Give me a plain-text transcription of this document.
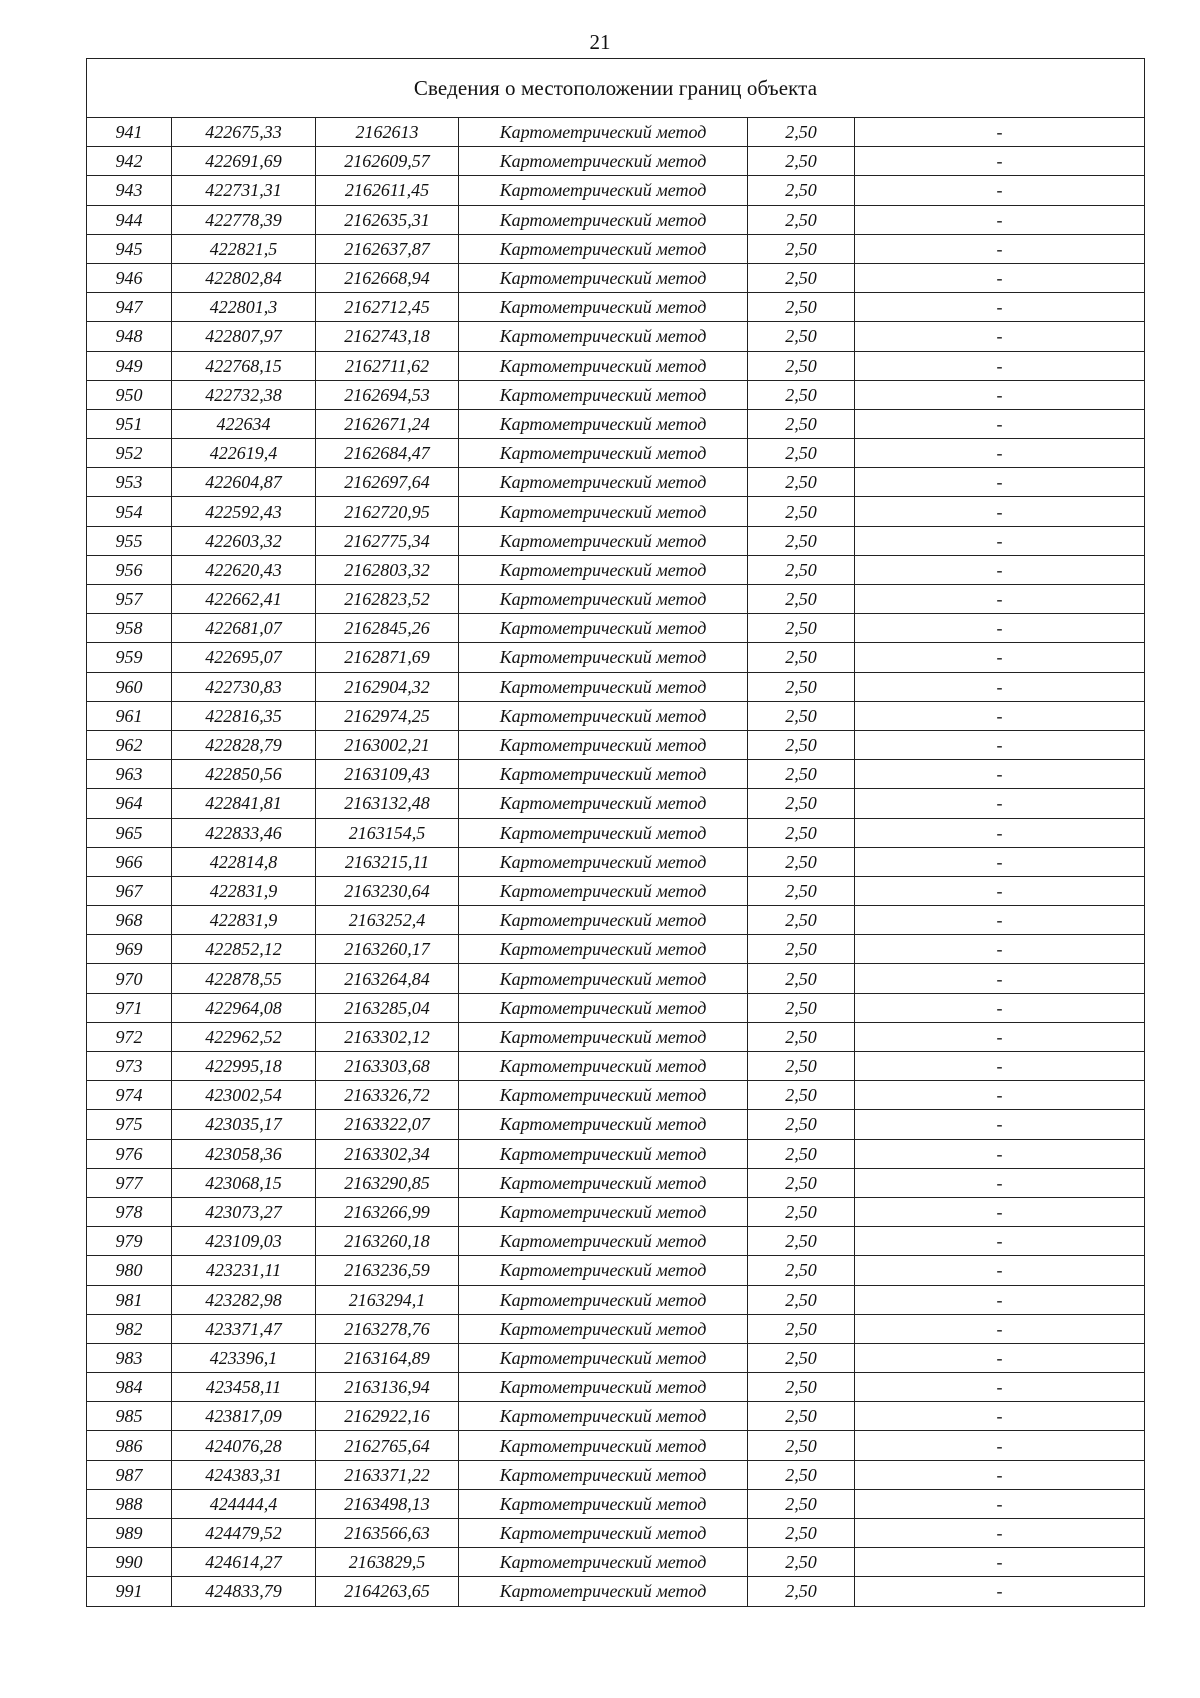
21
Сведения о местоположении границ объекта					
941	422675,33	2162613	Картометрический метод	2,50	-
942	422691,69	2162609,57	Картометрический метод	2,50	-
943	422731,31	2162611,45	Картометрический метод	2,50	-
944	422778,39	2162635,31	Картометрический метод	2,50	-
945	422821,5	2162637,87	Картометрический метод	2,50	-
946	422802,84	2162668,94	Картометрический метод	2,50	-
947	422801,3	2162712,45	Картометрический метод	2,50	-
948	422807,97	2162743,18	Картометрический метод	2,50	-
949	422768,15	2162711,62	Картометрический метод	2,50	-
950	422732,38	2162694,53	Картометрический метод	2,50	-
951	422634	2162671,24	Картометрический метод	2,50	-
952	422619,4	2162684,47	Картометрический метод	2,50	-
953	422604,87	2162697,64	Картометрический метод	2,50	-
954	422592,43	2162720,95	Картометрический метод	2,50	-
955	422603,32	2162775,34	Картометрический метод	2,50	-
956	422620,43	2162803,32	Картометрический метод	2,50	-
957	422662,41	2162823,52	Картометрический метод	2,50	-
958	422681,07	2162845,26	Картометрический метод	2,50	-
959	422695,07	2162871,69	Картометрический метод	2,50	-
960	422730,83	2162904,32	Картометрический метод	2,50	-
961	422816,35	2162974,25	Картометрический метод	2,50	-
962	422828,79	2163002,21	Картометрический метод	2,50	-
963	422850,56	2163109,43	Картометрический метод	2,50	-
964	422841,81	2163132,48	Картометрический метод	2,50	-
965	422833,46	2163154,5	Картометрический метод	2,50	-
966	422814,8	2163215,11	Картометрический метод	2,50	-
967	422831,9	2163230,64	Картометрический метод	2,50	-
968	422831,9	2163252,4	Картометрический метод	2,50	-
969	422852,12	2163260,17	Картометрический метод	2,50	-
970	422878,55	2163264,84	Картометрический метод	2,50	-
971	422964,08	2163285,04	Картометрический метод	2,50	-
972	422962,52	2163302,12	Картометрический метод	2,50	-
973	422995,18	2163303,68	Картометрический метод	2,50	-
974	423002,54	2163326,72	Картометрический метод	2,50	-
975	423035,17	2163322,07	Картометрический метод	2,50	-
976	423058,36	2163302,34	Картометрический метод	2,50	-
977	423068,15	2163290,85	Картометрический метод	2,50	-
978	423073,27	2163266,99	Картометрический метод	2,50	-
979	423109,03	2163260,18	Картометрический метод	2,50	-
980	423231,11	2163236,59	Картометрический метод	2,50	-
981	423282,98	2163294,1	Картометрический метод	2,50	-
982	423371,47	2163278,76	Картометрический метод	2,50	-
983	423396,1	2163164,89	Картометрический метод	2,50	-
984	423458,11	2163136,94	Картометрический метод	2,50	-
985	423817,09	2162922,16	Картометрический метод	2,50	-
986	424076,28	2162765,64	Картометрический метод	2,50	-
987	424383,31	2163371,22	Картометрический метод	2,50	-
988	424444,4	2163498,13	Картометрический метод	2,50	-
989	424479,52	2163566,63	Картометрический метод	2,50	-
990	424614,27	2163829,5	Картометрический метод	2,50	-
991	424833,79	2164263,65	Картометрический метод	2,50	-
